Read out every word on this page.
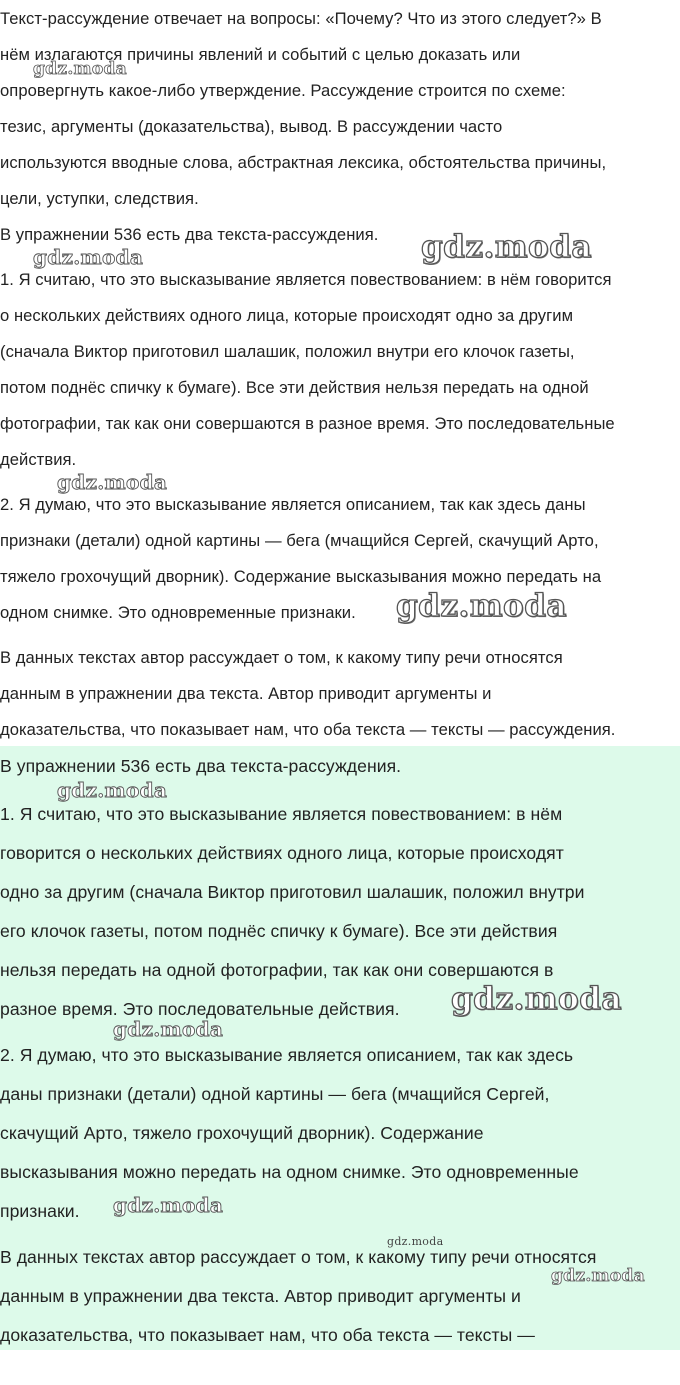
Текст-рассуждение отвечает на вопросы: «Почему? Что из этого следует?» В
нём излагаются причины явлений и событий с целью доказать или
опровергнуть какое-либо утверждение. Рассуждение строится по схеме:
тезис, аргументы (доказательства), вывод. В рассуждении часто
используются вводные слова, абстрактная лексика, обстоятельства причины,
цели, уступки, следствия.
В упражнении 536 есть два текста-рассуждения.
1. Я считаю, что это высказывание является повествованием: в нём говорится
о нескольких действиях одного лица, которые происходят одно за другим
(сначала Виктор приготовил шалашик, положил внутри его клочок газеты,
потом поднёс спичку к бумаге). Все эти действия нельзя передать на одной
фотографии, так как они совершаются в разное время. Это последовательные
действия.
2. Я думаю, что это высказывание является описанием, так как здесь даны
признаки (детали) одной картины — бега (мчащийся Сергей, скачущий Арто,
тяжело грохочущий дворник). Содержание высказывания можно передать на
одном снимке. Это одновременные признаки.
В данных текстах автор рассуждает о том, к какому типу речи относятся
данным в упражнении два текста. Автор приводит аргументы и
доказательства, что показывает нам, что оба текста — тексты — рассуждения.
В упражнении 536 есть два текста-рассуждения.
1. Я считаю, что это высказывание является повествованием: в нём
говорится о нескольких действиях одного лица, которые происходят
одно за другим (сначала Виктор приготовил шалашик, положил внутри
его клочок газеты, потом поднёс спичку к бумаге). Все эти действия
нельзя передать на одной фотографии, так как они совершаются в
разное время. Это последовательные действия.
2. Я думаю, что это высказывание является описанием, так как здесь
даны признаки (детали) одной картины — бега (мчащийся Сергей,
скачущий Арто, тяжело грохочущий дворник). Содержание
высказывания можно передать на одном снимке. Это одновременные
признаки.
В данных текстах автор рассуждает о том, к какому типу речи относятся
данным в упражнении два текста. Автор приводит аргументы и
доказательства, что показывает нам, что оба текста — тексты —
gdz.moda
gdz.moda
gdz.moda
gdz.moda
gdz.moda
gdz.moda
gdz.moda
gdz.moda
gdz.moda
gdz.moda
gdz.moda
